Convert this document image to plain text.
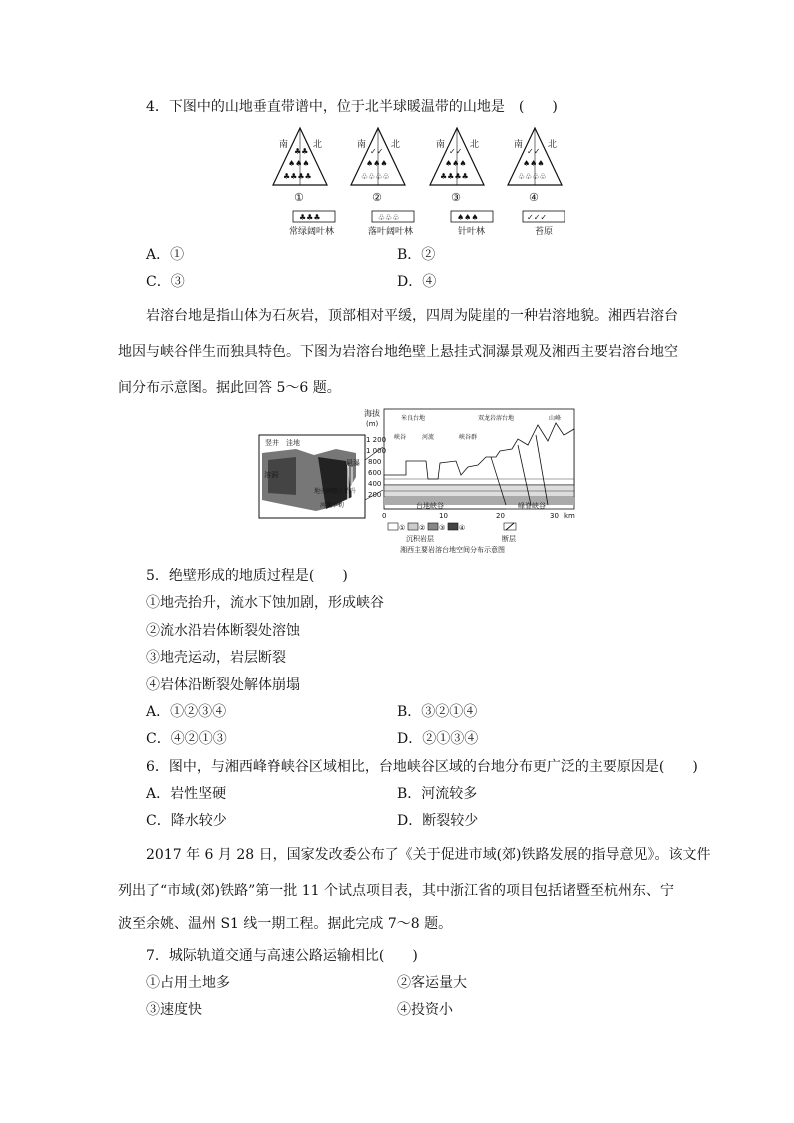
4．下图中的山地垂直带谱中，位于北半球暖温带的山地是　(　　)
南	北
♣♣
♠♠♠
♣♣♣♣
①
南	北
✓✓
♠♠♠
♧♧♧♧
②
南	北
✓✓
♠♠♠
♣♣♣♣
③
南	北
✓✓
♠♠♠
♧♧♧♧
④
♣♣♣
常绿阔叶林
♧♧♧
落叶阔叶林
♠♠♠
针叶林
✓✓✓
苔原
A．①	B．②
C．③	D．④
岩溶台地是指山体为石灰岩，顶部相对平缓，四周为陡崖的一种岩溶地貌。湘西岩溶台
地因与峡谷伴生而独具特色。下图为岩溶台地绝壁上悬挂式洞瀑景观及湘西主要岩溶台地空
间分布示意图。据此回答 5～6 题。
竖井 洼地
溶洞
悬瀑
地壳间歇上抬升
河流下切
海拔
(m)
1 200
1 000
800
600
400
200
米良台地
峡谷	河流	峡谷群
双龙岩溶台地	山峰
台地峡谷	峰脊峡谷
0	10	20	30 km
① ② ③ ④
沉积岩层	断层
湘西主要岩溶台地空间分布示意图
5．绝壁形成的地质过程是(　　)
①地壳抬升，流水下蚀加剧，形成峡谷
②流水沿岩体断裂处溶蚀
③地壳运动，岩层断裂
④岩体沿断裂处解体崩塌
A．①②③④	B．③②①④
C．④②①③	D．②①③④
6．图中，与湘西峰脊峡谷区域相比，台地峡谷区域的台地分布更广泛的主要原因是(　　)
A．岩性坚硬	B．河流较多
C．降水较少	D．断裂较少
2017 年 6 月 28 日，国家发改委公布了《关于促进市域(郊)铁路发展的指导意见》。该文件
列出了“市域(郊)铁路”第一批 11 个试点项目表，其中浙江省的项目包括诸暨至杭州东、宁
波至余姚、温州 S1 线一期工程。据此完成 7～8 题。
7．城际轨道交通与高速公路运输相比(　　)
①占用土地多	②客运量大
③速度快	④投资小
